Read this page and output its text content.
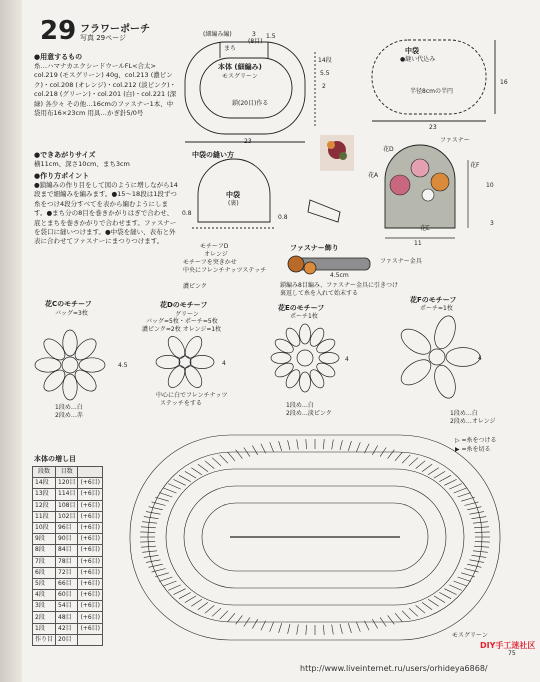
29 フラワーポーチ
写真 29ページ
●用意するもの
糸…ハマナカエクシードウールFL<合太> col.219 (モスグリーン) 40g、col.213 (濃ピンク)・col.208 (オレンジ)・col.212 (淡ピンク)・col.218 (グリーン)・col.201 (白)・col.221 (深緑) 各少々 その他…16cmのファスナー1本、中袋用布16×23cm 用具…かぎ針5/0号
●できあがりサイズ
横11cm、深さ10cm、まち3cm
●作り方ポイント
●鎖編みの作り目をして図のように増しながら14段まで細編みを編みます。●15〜18段は1段ずつ糸をつけ4段分すべてを表から編むようにします。●まち分の8目を巻きかがりはぎで合わせ、底とまちを巻きかがりで合わせます。ファスナーを袋口に縫いつけます。●中袋を縫い、表布と外表に合わせてファスナーにまつりつけます。
(細編み編)
まち
3
(8目)
1.5
本体 (細編み)
モスグリーン
鎖(20目)作る
14段
5.5
2
23
中袋
●縫い代込み
半径8cmの半円
16
23
中袋の縫い方
中袋
(裏)
0.8
0.8
ファスナー
花D
花A
花E
花F
10
11
3
ファスナー飾り
モチーフD
オレンジ
モチーフを突きかせ
中央にフレンチナッツステッチ
濃ピンク
ファスナー金具
鎖編み8目編み、ファスナー金具に引きつけ裏返して糸を入れて始末する
4.5cm
花Cのモチーフ
バッグ=3枚
1段め…白
2段め…赤
4.5
花Dのモチーフ
グリーン
バッグ=5枚・ポーチ=5枚
濃ピンク=2枚 オレンジ=1枚
中心に白でフレンチナッツ
ステッチをする
4
花Eのモチーフ
ポーチ1枚
1段め…白
2段め…淡ピンク
4
花Fのモチーフ
ポーチ=1枚
1段め…白
2段め…オレンジ
4
▷ =糸をつける
▶ =糸を切る
本体の増し目
段数	目数	
14段	120目	(+6目)
13段	114目	(+6目)
12段	108目	(+6目)
11段	102目	(+6目)
10段	96目	(+6目)
9段	90目	(+6目)
8段	84目	(+6目)
7段	78目	(+6目)
6段	72目	(+6目)
5段	66目	(+6目)
4段	60目	(+6目)
3段	54目	(+6目)
2段	48目	(+6目)
1段	42目	(+6目)
作り目	20目	
モスグリーン
75
http://www.liveinternet.ru/users/orhideya6868/
DIY手工迷社区
